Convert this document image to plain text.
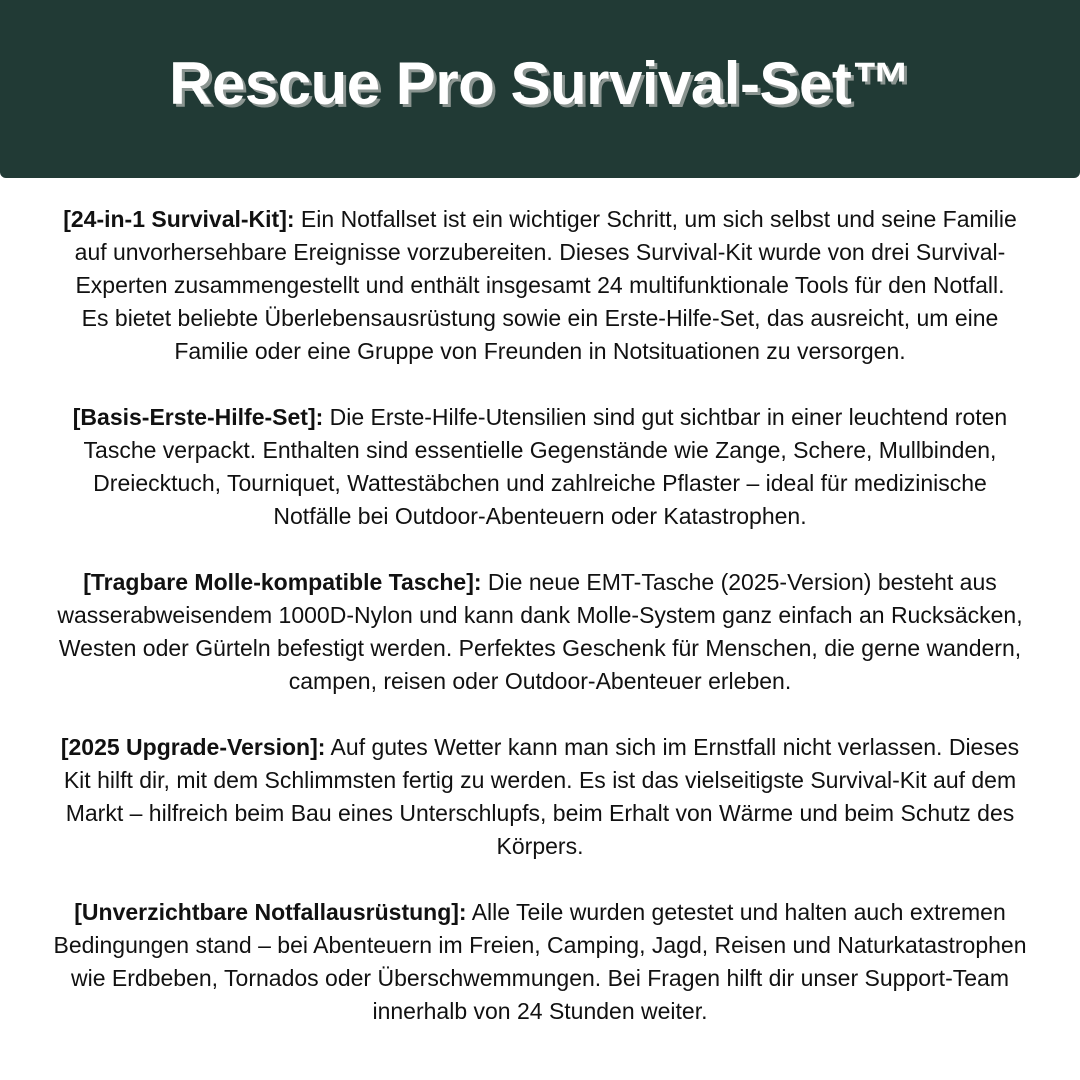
Rescue Pro Survival-Set™
[24-in-1 Survival-Kit]: Ein Notfallset ist ein wichtiger Schritt, um sich selbst und seine Familie
auf unvorhersehbare Ereignisse vorzubereiten. Dieses Survival-Kit wurde von drei Survival-
Experten zusammengestellt und enthält insgesamt 24 multifunktionale Tools für den Notfall.
Es bietet beliebte Überlebensausrüstung sowie ein Erste-Hilfe-Set, das ausreicht, um eine
Familie oder eine Gruppe von Freunden in Notsituationen zu versorgen.
[Basis-Erste-Hilfe-Set]: Die Erste-Hilfe-Utensilien sind gut sichtbar in einer leuchtend roten
Tasche verpackt. Enthalten sind essentielle Gegenstände wie Zange, Schere, Mullbinden,
Dreiecktuch, Tourniquet, Wattestäbchen und zahlreiche Pflaster – ideal für medizinische
Notfälle bei Outdoor-Abenteuern oder Katastrophen.
[Tragbare Molle-kompatible Tasche]: Die neue EMT-Tasche (2025-Version) besteht aus
wasserabweisendem 1000D-Nylon und kann dank Molle-System ganz einfach an Rucksäcken,
Westen oder Gürteln befestigt werden. Perfektes Geschenk für Menschen, die gerne wandern,
campen, reisen oder Outdoor-Abenteuer erleben.
[2025 Upgrade-Version]: Auf gutes Wetter kann man sich im Ernstfall nicht verlassen. Dieses
Kit hilft dir, mit dem Schlimmsten fertig zu werden. Es ist das vielseitigste Survival-Kit auf dem
Markt – hilfreich beim Bau eines Unterschlupfs, beim Erhalt von Wärme und beim Schutz des
Körpers.
[Unverzichtbare Notfallausrüstung]: Alle Teile wurden getestet und halten auch extremen
Bedingungen stand – bei Abenteuern im Freien, Camping, Jagd, Reisen und Naturkatastrophen
wie Erdbeben, Tornados oder Überschwemmungen. Bei Fragen hilft dir unser Support-Team
innerhalb von 24 Stunden weiter.
